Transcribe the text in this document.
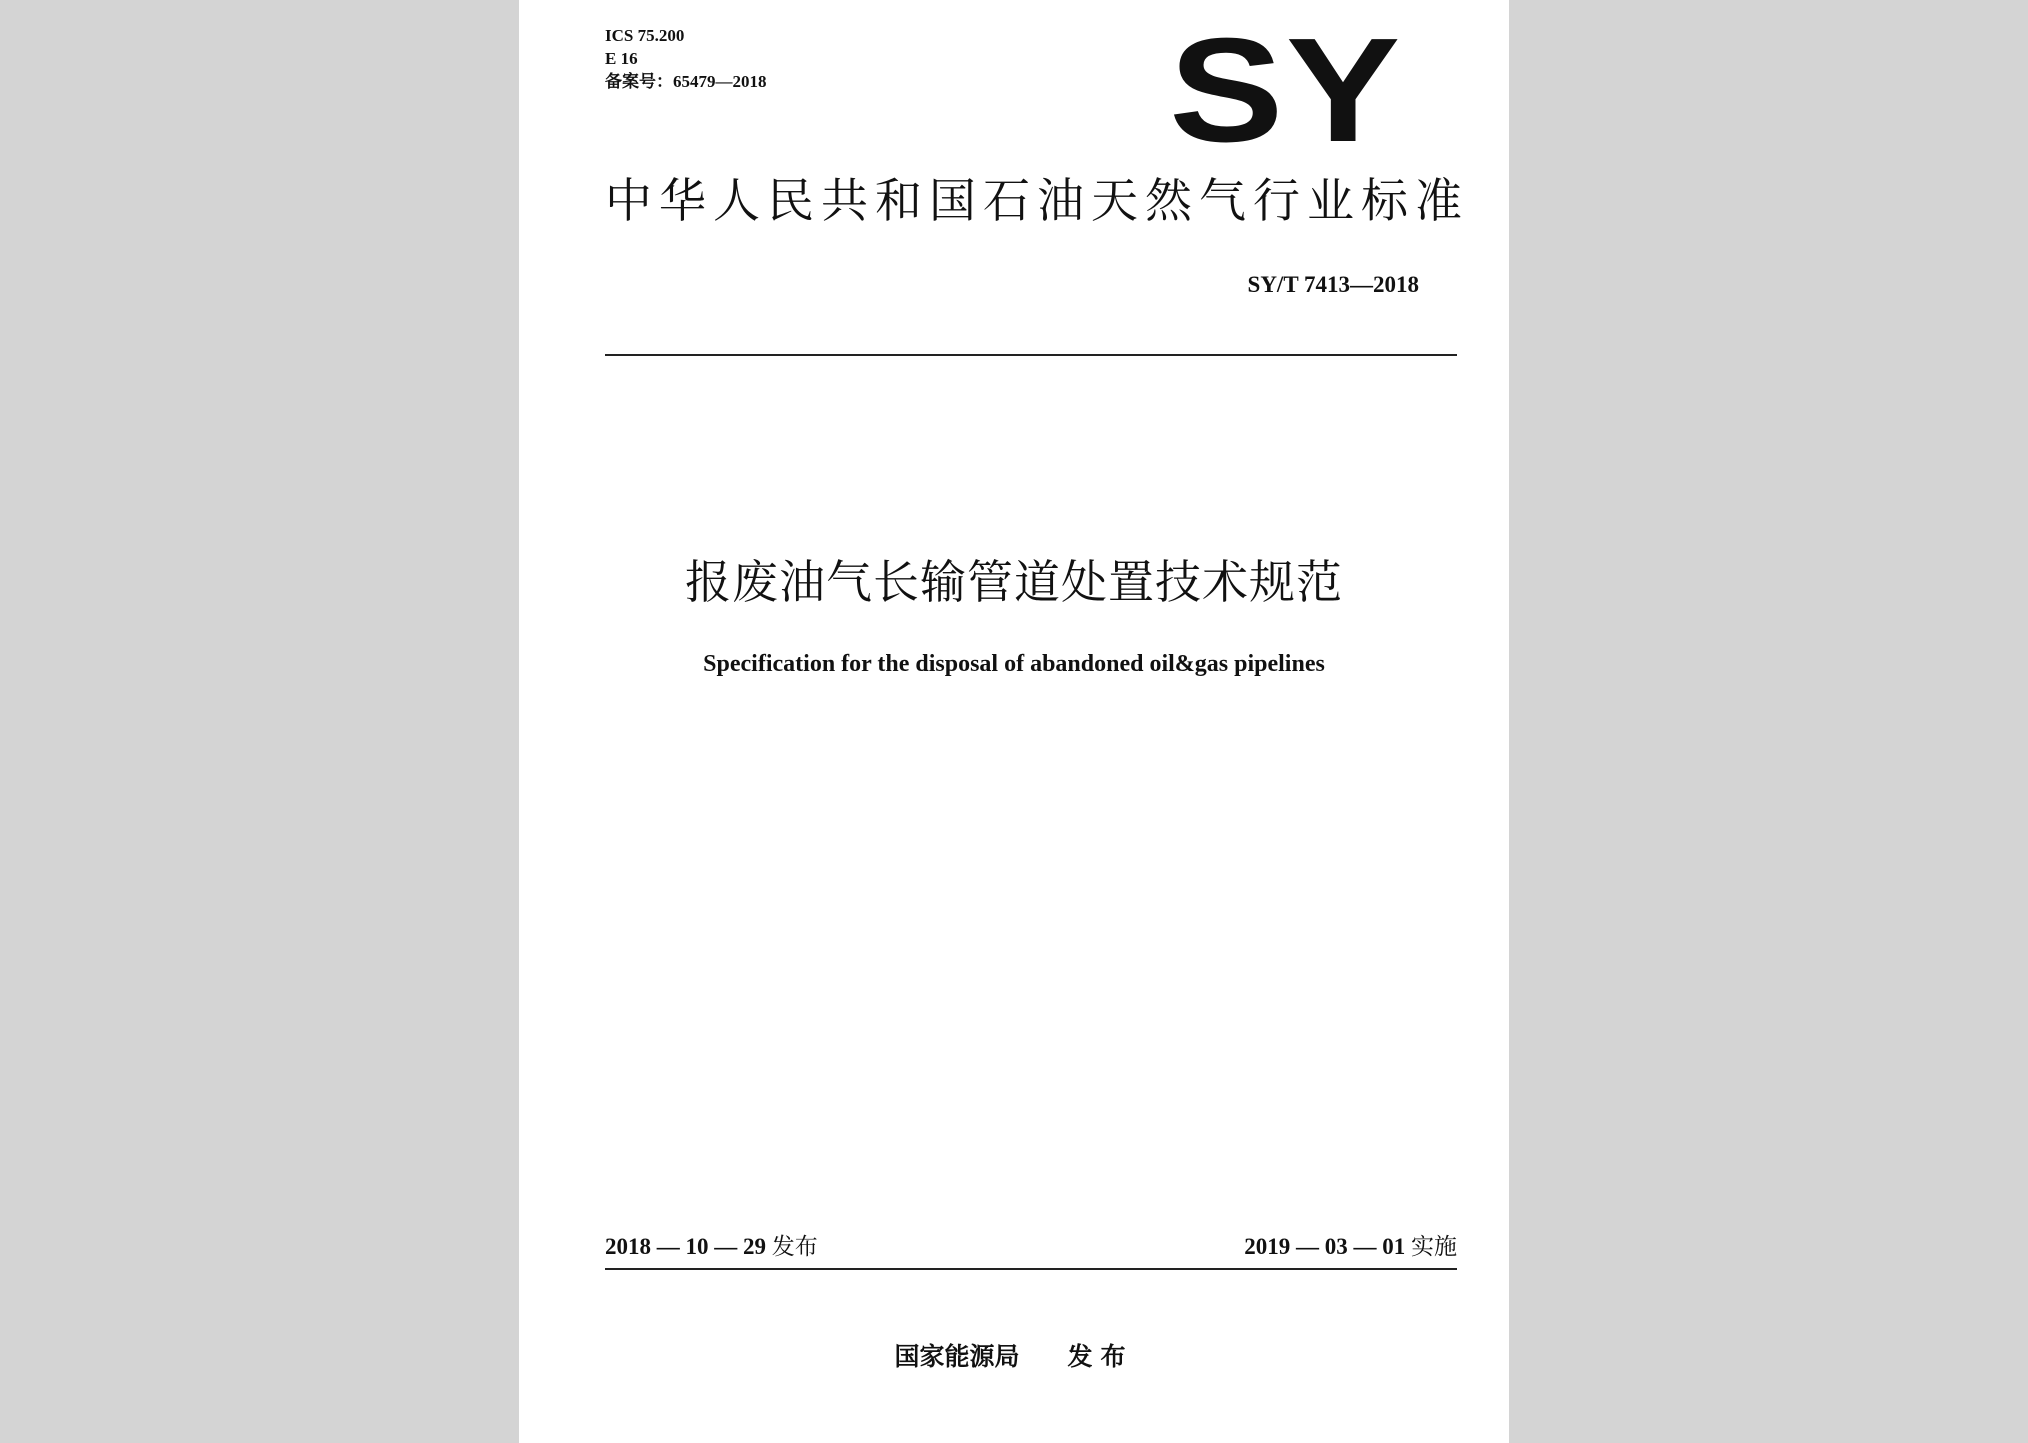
ICS 75.200
E 16
备案号：65479—2018	SY
中华人民共和国石油天然气行业标准
SY/T 7413—2018
报废油气长输管道处置技术规范
Specification for the disposal of abandoned oil&gas pipelines
2018 — 10 — 29 发布	2019 — 03 — 01 实施
国家能源局 发布
